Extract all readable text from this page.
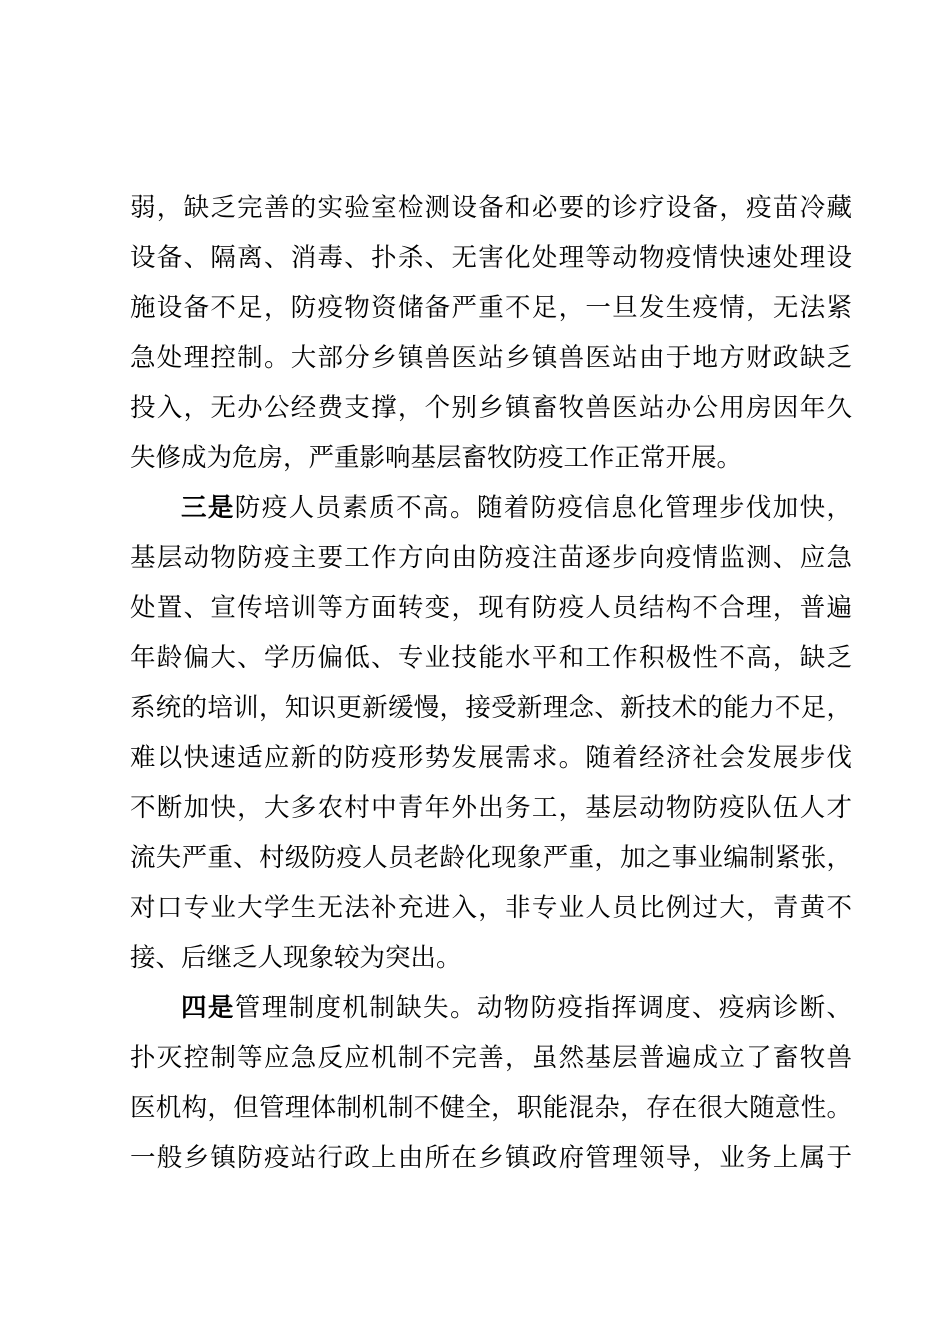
弱，缺乏完善的实验室检测设备和必要的诊疗设备，疫苗冷藏
设备、隔离、消毒、扑杀、无害化处理等动物疫情快速处理设
施设备不足，防疫物资储备严重不足，一旦发生疫情，无法紧
急处理控制。大部分乡镇兽医站乡镇兽医站由于地方财政缺乏
投入，无办公经费支撑，个别乡镇畜牧兽医站办公用房因年久
失修成为危房，严重影响基层畜牧防疫工作正常开展。
三是防疫人员素质不高。随着防疫信息化管理步伐加快，
基层动物防疫主要工作方向由防疫注苗逐步向疫情监测、应急
处置、宣传培训等方面转变，现有防疫人员结构不合理，普遍
年龄偏大、学历偏低、专业技能水平和工作积极性不高，缺乏
系统的培训，知识更新缓慢，接受新理念、新技术的能力不足，
难以快速适应新的防疫形势发展需求。随着经济社会发展步伐
不断加快，大多农村中青年外出务工，基层动物防疫队伍人才
流失严重、村级防疫人员老龄化现象严重，加之事业编制紧张，
对口专业大学生无法补充进入，非专业人员比例过大，青黄不
接、后继乏人现象较为突出。
四是管理制度机制缺失。动物防疫指挥调度、疫病诊断、
扑灭控制等应急反应机制不完善，虽然基层普遍成立了畜牧兽
医机构，但管理体制机制不健全，职能混杂，存在很大随意性。
一般乡镇防疫站行政上由所在乡镇政府管理领导，业务上属于
